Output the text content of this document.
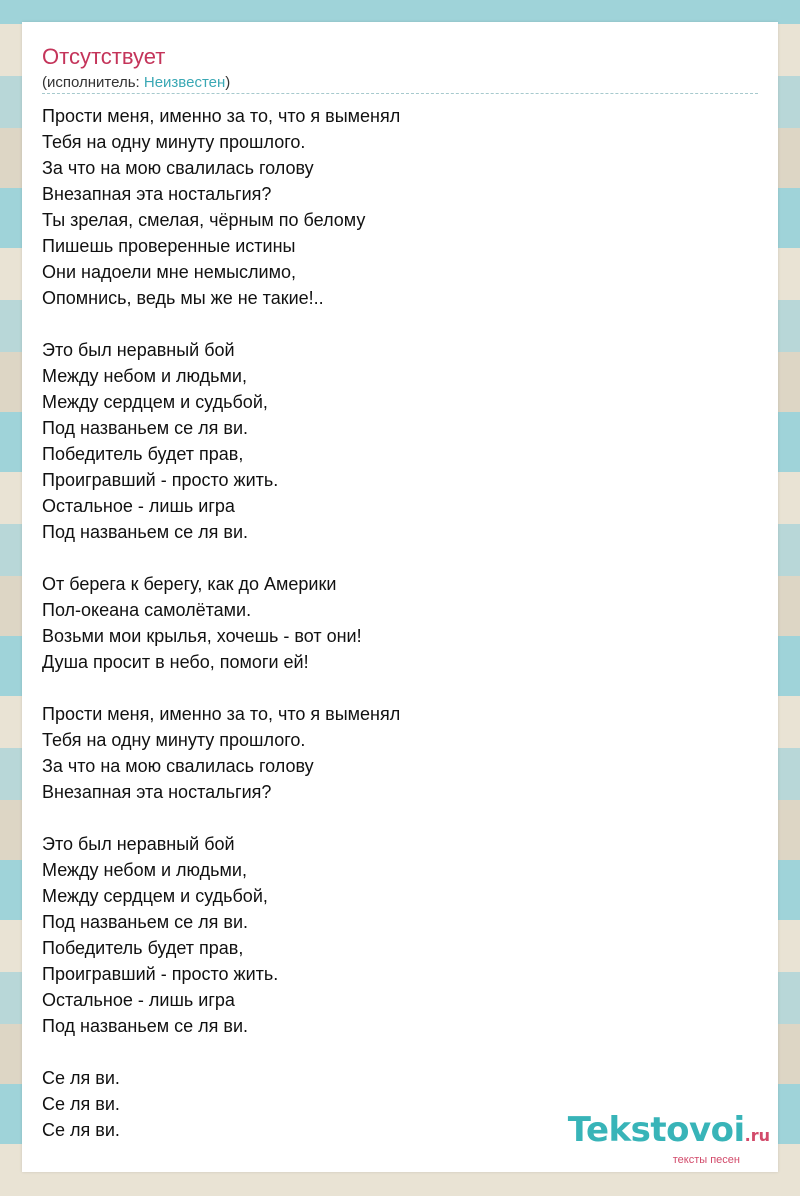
Отсутствует
(исполнитель: Неизвестен)
Прости меня, именно за то, что я выменял
Тебя на одну минуту прошлого.
За что на мою свалилась голову
Внезапная эта ностальгия?
Ты зрелая, смелая, чёрным по белому
Пишешь проверенные истины
Они надоели мне немыслимо,
Опомнись, ведь мы же не такие!..
Это был неравный бой
Между небом и людьми,
Между сердцем и судьбой,
Под названьем се ля ви.
Победитель будет прав,
Проигравший - просто жить.
Остальное - лишь игра
Под названьем се ля ви.
От берега к берегу, как до Америки
Пол-океана самолётами.
Возьми мои крылья, хочешь - вот они!
Душа просит в небо, помоги ей!
Прости меня, именно за то, что я выменял
Тебя на одну минуту прошлого.
За что на мою свалилась голову
Внезапная эта ностальгия?
Это был неравный бой
Между небом и людьми,
Между сердцем и судьбой,
Под названьем се ля ви.
Победитель будет прав,
Проигравший - просто жить.
Остальное - лишь игра
Под названьем се ля ви.
Се ля ви.
Се ля ви.
Се ля ви.	Tekstovoi.ru
тексты песен
